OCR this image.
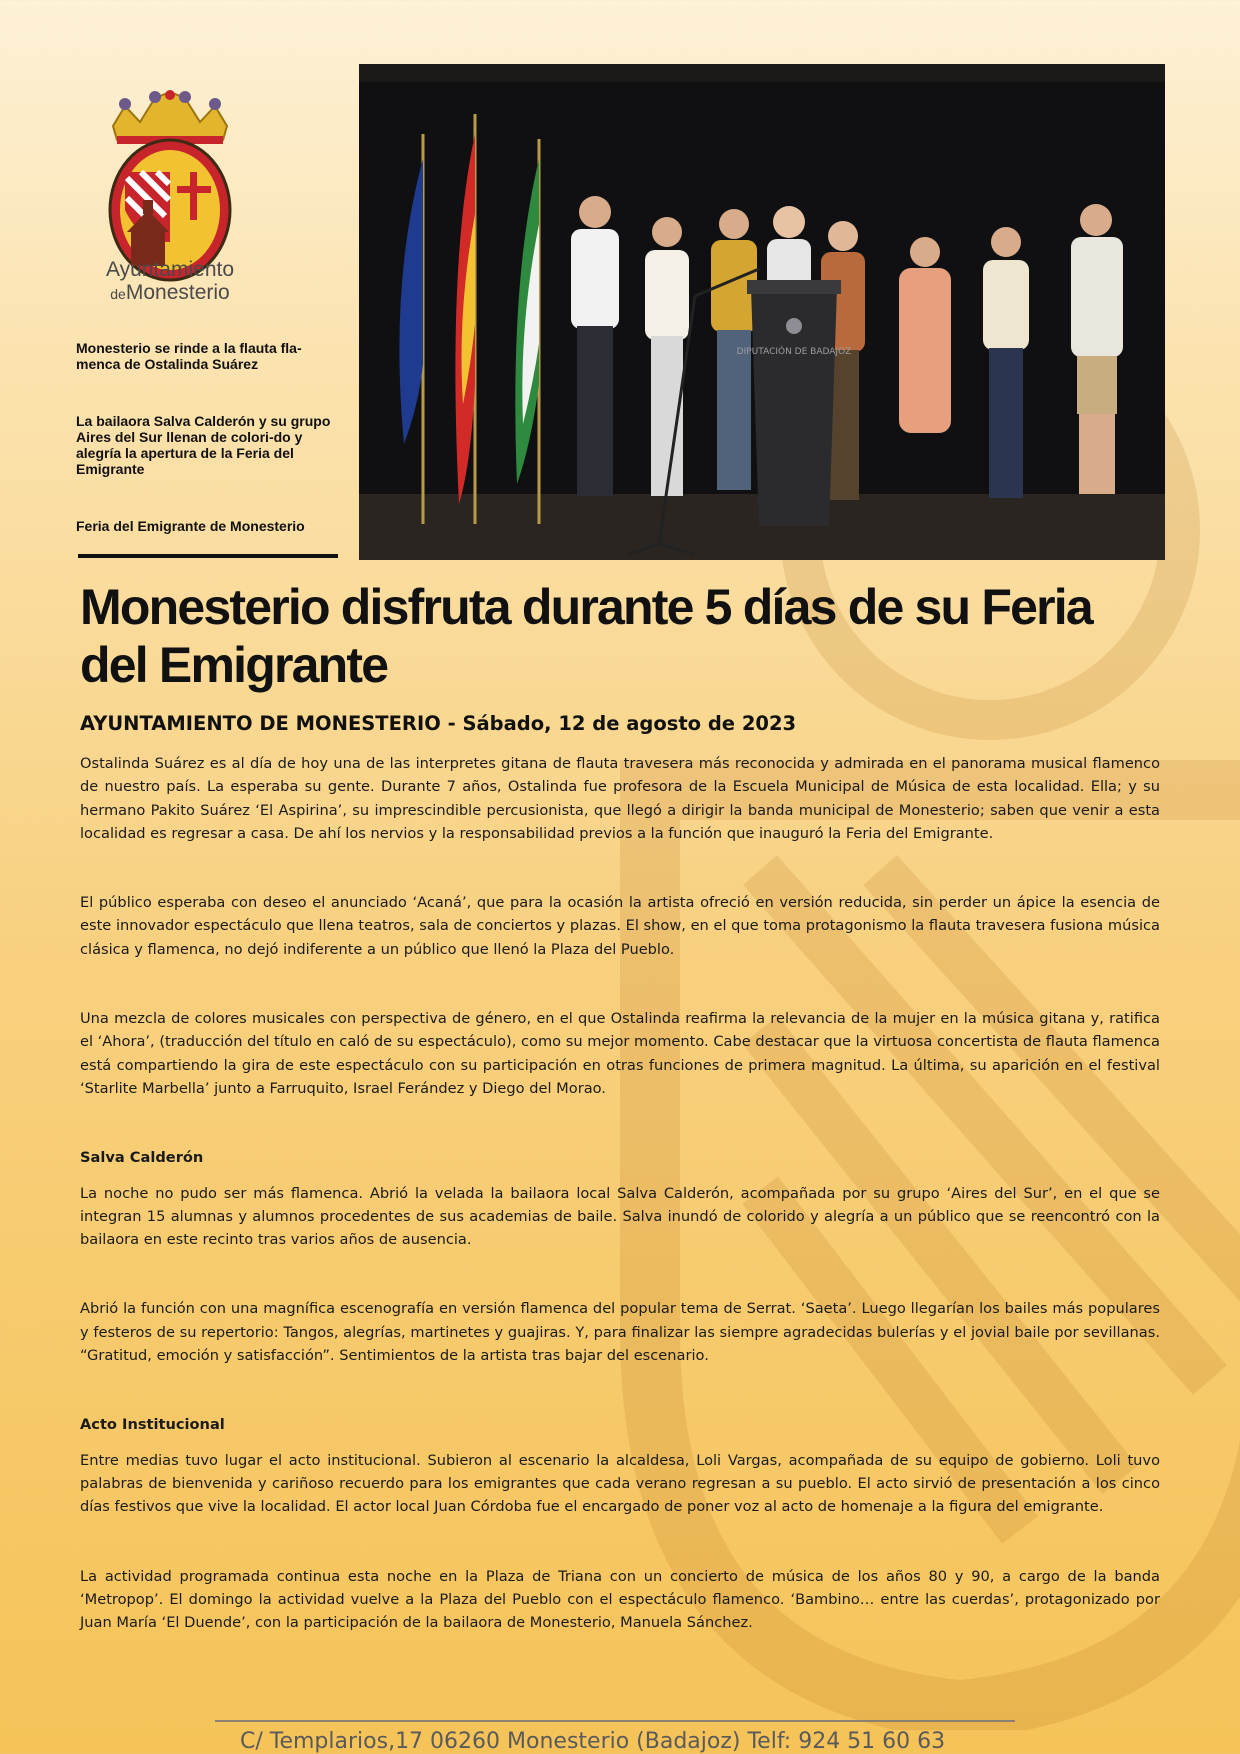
Ayuntamiento
deMonesterio
Monesterio se rinde a la flauta fla-menca de Ostalinda Suárez
La bailaora Salva Calderón y su grupo Aires del Sur llenan de colori-do y alegría la apertura de la Feria del Emigrante
Feria del Emigrante de Monesterio
DIPUTACIÓN DE BADAJOZ
Monesterio disfruta durante 5 días de su Feria del Emigrante
AYUNTAMIENTO DE MONESTERIO - Sábado, 12 de agosto de 2023

Ostalinda Suárez es al día de hoy una de las interpretes gitana de flauta travesera más reconocida y admirada en el panorama musical flamenco de nuestro país. La esperaba su gente. Durante 7 años, Ostalinda fue profesora de la Escuela Municipal de Música de esta localidad. Ella; y su hermano Pakito Suárez ‘El Aspirina’, su imprescindible percusionista, que llegó a dirigir la banda municipal de Monesterio; saben que venir a esta localidad es regresar a casa. De ahí los nervios y la responsabilidad previos a la función que inauguró la Feria del Emigrante.

El público esperaba con deseo el anunciado ‘Acaná’, que para la ocasión la artista ofreció en versión reducida, sin perder un ápice la esencia de este innovador espectáculo que llena teatros, sala de conciertos y plazas. El show, en el que toma protagonismo la flauta travesera fusiona música clásica y flamenca, no dejó indiferente a un público que llenó la Plaza del Pueblo.

Una mezcla de colores musicales con perspectiva de género, en el que Ostalinda reafirma la relevancia de la mujer en la música gitana y, ratifica el ‘Ahora’, (traducción del título en caló de su espectáculo), como su mejor momento. Cabe destacar que la virtuosa concertista de flauta flamenca está compartiendo la gira de este espectáculo con su participación en otras funciones de primera magnitud. La última, su aparición en el festival ‘Starlite Marbella’ junto a Farruquito, Israel Ferández y Diego del Morao.

Salva Calderón

La noche no pudo ser más flamenca. Abrió la velada la bailaora local Salva Calderón, acompañada por su grupo ‘Aires del Sur’, en el que se integran 15 alumnas y alumnos procedentes de sus academias de baile. Salva inundó de colorido y alegría a un público que se reencontró con la bailaora en este recinto tras varios años de ausencia.

Abrió la función con una magnífica escenografía en versión flamenca del popular tema de Serrat. ‘Saeta’. Luego llegarían los bailes más populares y festeros de su repertorio: Tangos, alegrías, martinetes y guajiras. Y, para finalizar las siempre agradecidas bulerías y el jovial baile por sevillanas. “Gratitud, emoción y satisfacción”. Sentimientos de la artista tras bajar del escenario.

Acto Institucional

Entre medias tuvo lugar el acto institucional. Subieron al escenario la alcaldesa, Loli Vargas, acompañada de su equipo de gobierno. Loli tuvo palabras de bienvenida y cariñoso recuerdo para los emigrantes que cada verano regresan a su pueblo. El acto sirvió de presentación a los cinco días festivos que vive la localidad. El actor local Juan Córdoba fue el encargado de poner voz al acto de homenaje a la figura del emigrante.

La actividad programada continua esta noche en la Plaza de Triana con un concierto de música de los años 80 y 90, a cargo de la banda ‘Metropop’. El domingo la actividad vuelve a la Plaza del Pueblo con el espectáculo flamenco. ‘Bambino… entre las cuerdas’, protagonizado por Juan María ‘El Duende’, con la participación de la bailaora de Monesterio, Manuela Sánchez.

C/ Templarios,17 06260 Monesterio (Badajoz) Telf: 924 51 60 63
